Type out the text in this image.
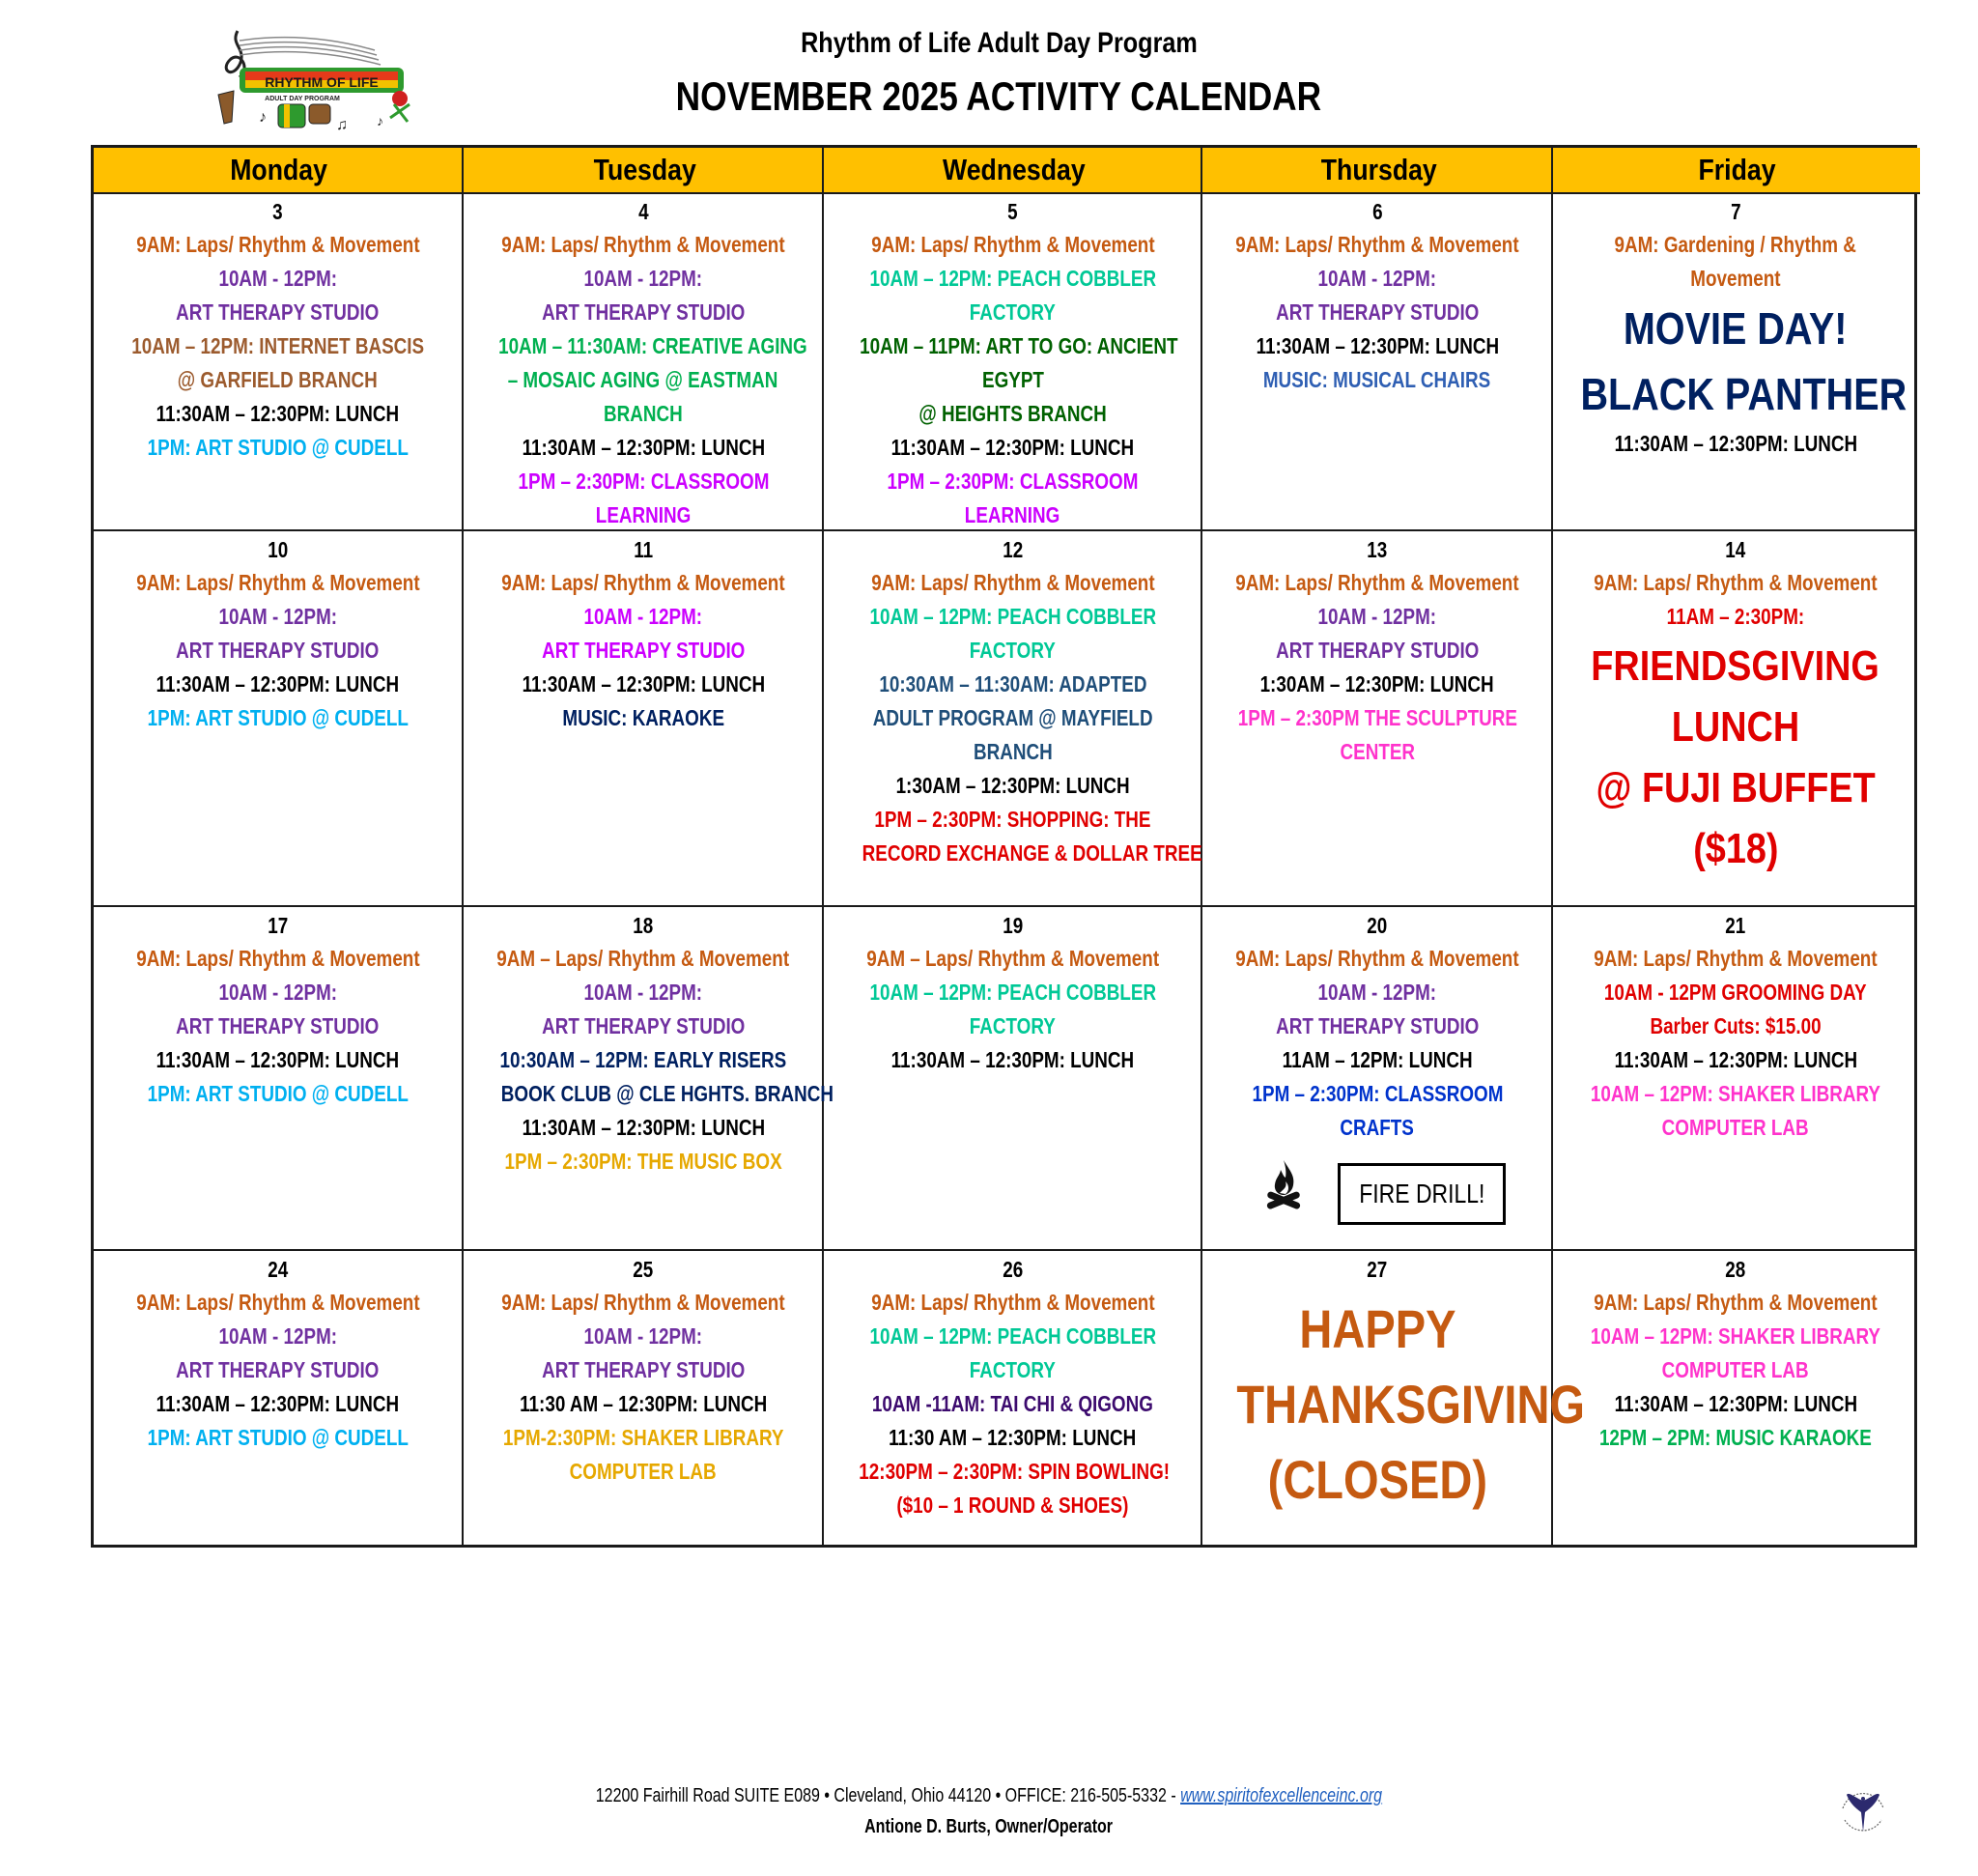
RHYTHM OF LIFE
ADULT DAY PROGRAM
♪	♫ ♪
Rhythm of Life Adult Day Program
NOVEMBER 2025 ACTIVITY CALENDAR
Monday	Tuesday	Wednesday	Thursday	Friday
3
9AM: Laps/ Rhythm & Movement
10AM - 12PM:
ART THERAPY STUDIO
10AM – 12PM: INTERNET BASCIS
@ GARFIELD BRANCH
11:30AM – 12:30PM: LUNCH
1PM: ART STUDIO @ CUDELL
4
9AM: Laps/ Rhythm & Movement
10AM - 12PM:
ART THERAPY STUDIO
10AM – 11:30AM: CREATIVE AGING
– MOSAIC AGING @ EASTMAN
BRANCH
11:30AM – 12:30PM: LUNCH
1PM – 2:30PM: CLASSROOM
LEARNING
5
9AM: Laps/ Rhythm & Movement
10AM – 12PM: PEACH COBBLER
FACTORY
10AM – 11PM: ART TO GO: ANCIENT
EGYPT
@ HEIGHTS BRANCH
11:30AM – 12:30PM: LUNCH
1PM – 2:30PM: CLASSROOM
LEARNING
6
9AM: Laps/ Rhythm & Movement
10AM - 12PM:
ART THERAPY STUDIO
11:30AM – 12:30PM: LUNCH
MUSIC: MUSICAL CHAIRS
7
9AM: Gardening / Rhythm &
Movement
MOVIE DAY!
BLACK PANTHER
11:30AM – 12:30PM: LUNCH
10
9AM: Laps/ Rhythm & Movement
10AM - 12PM:
ART THERAPY STUDIO
11:30AM – 12:30PM: LUNCH
1PM: ART STUDIO @ CUDELL
11
9AM: Laps/ Rhythm & Movement
10AM - 12PM:
ART THERAPY STUDIO
11:30AM – 12:30PM: LUNCH
MUSIC: KARAOKE
12
9AM: Laps/ Rhythm & Movement
10AM – 12PM: PEACH COBBLER
FACTORY
10:30AM – 11:30AM: ADAPTED
ADULT PROGRAM @ MAYFIELD
BRANCH
1:30AM – 12:30PM: LUNCH
1PM – 2:30PM: SHOPPING: THE
RECORD EXCHANGE & DOLLAR TREE
13
9AM: Laps/ Rhythm & Movement
10AM - 12PM:
ART THERAPY STUDIO
1:30AM – 12:30PM: LUNCH
1PM – 2:30PM THE SCULPTURE
CENTER
14
9AM: Laps/ Rhythm & Movement
11AM – 2:30PM:
FRIENDSGIVING
LUNCH
@ FUJI BUFFET
($18)
17
9AM: Laps/ Rhythm & Movement
10AM - 12PM:
ART THERAPY STUDIO
11:30AM – 12:30PM: LUNCH
1PM: ART STUDIO @ CUDELL
18
9AM – Laps/ Rhythm & Movement
10AM - 12PM:
ART THERAPY STUDIO
10:30AM – 12PM: EARLY RISERS
BOOK CLUB @ CLE HGHTS. BRANCH
11:30AM – 12:30PM: LUNCH
1PM – 2:30PM: THE MUSIC BOX
19
9AM – Laps/ Rhythm & Movement
10AM – 12PM: PEACH COBBLER
FACTORY
11:30AM – 12:30PM: LUNCH
20
9AM: Laps/ Rhythm & Movement
10AM - 12PM:
ART THERAPY STUDIO
11AM – 12PM: LUNCH
1PM – 2:30PM: CLASSROOM
CRAFTS
FIRE DRILL!
21
9AM: Laps/ Rhythm & Movement
10AM - 12PM GROOMING DAY
Barber Cuts: $15.00
11:30AM – 12:30PM: LUNCH
10AM – 12PM: SHAKER LIBRARY
COMPUTER LAB
24
9AM: Laps/ Rhythm & Movement
10AM - 12PM:
ART THERAPY STUDIO
11:30AM – 12:30PM: LUNCH
1PM: ART STUDIO @ CUDELL
25
9AM: Laps/ Rhythm & Movement
10AM - 12PM:
ART THERAPY STUDIO
11:30 AM – 12:30PM: LUNCH
1PM-2:30PM: SHAKER LIBRARY
COMPUTER LAB
26
9AM: Laps/ Rhythm & Movement
10AM – 12PM: PEACH COBBLER
FACTORY
10AM -11AM: TAI CHI & QIGONG
11:30 AM – 12:30PM: LUNCH
12:30PM – 2:30PM: SPIN BOWLING!
($10 – 1 ROUND & SHOES)
27
HAPPY
THANKSGIVING
(CLOSED)
28
9AM: Laps/ Rhythm & Movement
10AM – 12PM: SHAKER LIBRARY
COMPUTER LAB
11:30AM – 12:30PM: LUNCH
12PM – 2PM: MUSIC KARAOKE
12200 Fairhill Road SUITE E089 • Cleveland, Ohio 44120 • OFFICE: 216-505-5332 - www.spiritofexcellenceinc.org
Antione D. Burts, Owner/Operator
